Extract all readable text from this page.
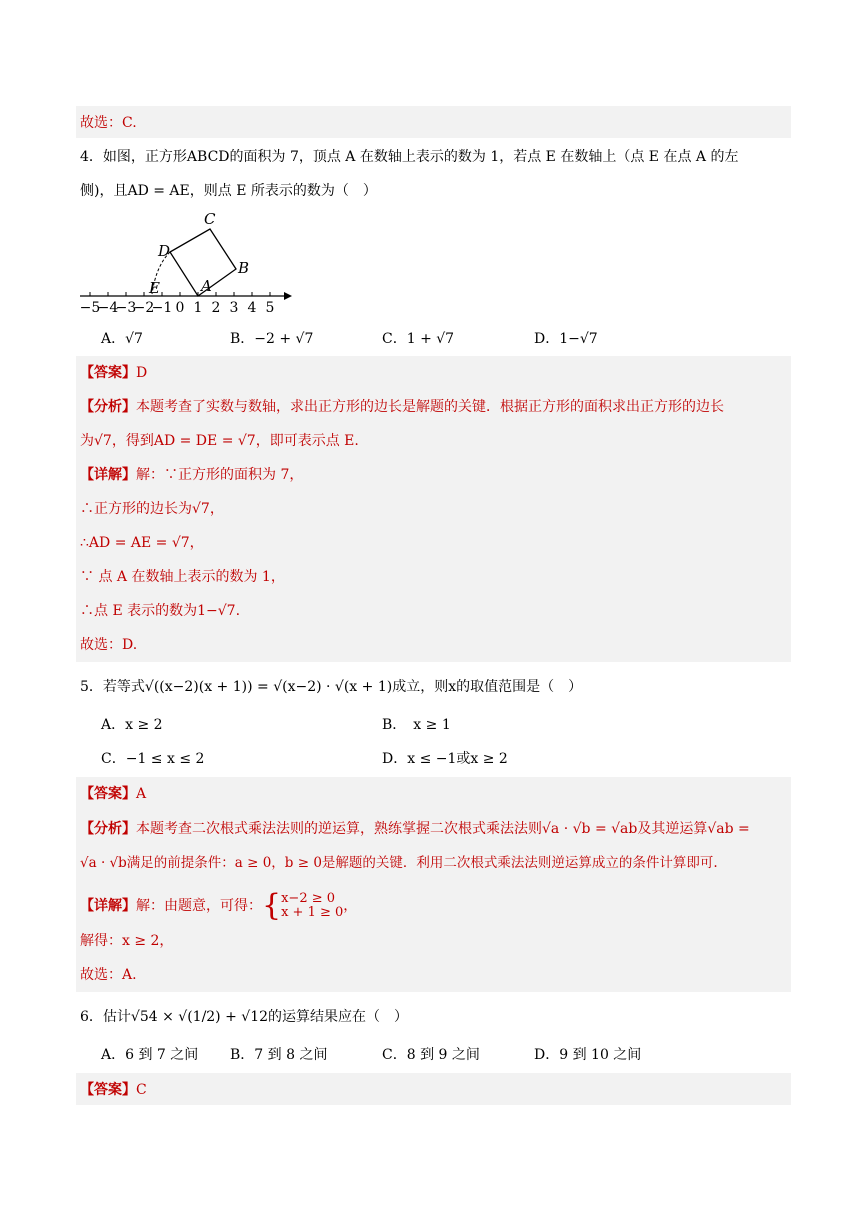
故选：C.
4．如图，正方形ABCD的面积为 7，顶点 A 在数轴上表示的数为 1，若点 E 在数轴上（点 E 在点 A 的左
侧)，且AD = AE，则点 E 所表示的数为（　）
−5
−4
−3
−2
−1 0 1 2 3 4 5
A
B
C
D
E
A．√7	B．−2 + √7	C．1 + √7	D．1−√7
【答案】D
【分析】本题考查了实数与数轴，求出正方形的边长是解题的关键．根据正方形的面积求出正方形的边长
为√7，得到AD = DE = √7，即可表示点 E.
【详解】解：∵正方形的面积为 7，
∴正方形的边长为√7，
∴AD = AE = √7，
∵ 点 A 在数轴上表示的数为 1，
∴点 E 表示的数为1−√7.
故选：D.
5．若等式√((x−2)(x + 1)) = √(x−2) · √(x + 1)成立，则x的取值范围是（　）
A．x ≥ 2	B．　x ≥ 1
C．−1 ≤ x ≤ 2	D．x ≤ −1或x ≥ 2
【答案】A
【分析】本题考查二次根式乘法法则的逆运算，熟练掌握二次根式乘法法则√a · √b = √ab及其逆运算√ab =
√a · √b满足的前提条件：a ≥ 0，b ≥ 0是解题的关键．利用二次根式乘法法则逆运算成立的条件计算即可.
【详解】解：由题意，可得：{ x−2 ≥ 0
x + 1 ≥ 0 ，
解得：x ≥ 2，
故选：A.
6．估计√54 × √(1/2) + √12的运算结果应在（　）
A．6 到 7 之间 B．7 到 8 之间	C．8 到 9 之间	D．9 到 10 之间
【答案】C
